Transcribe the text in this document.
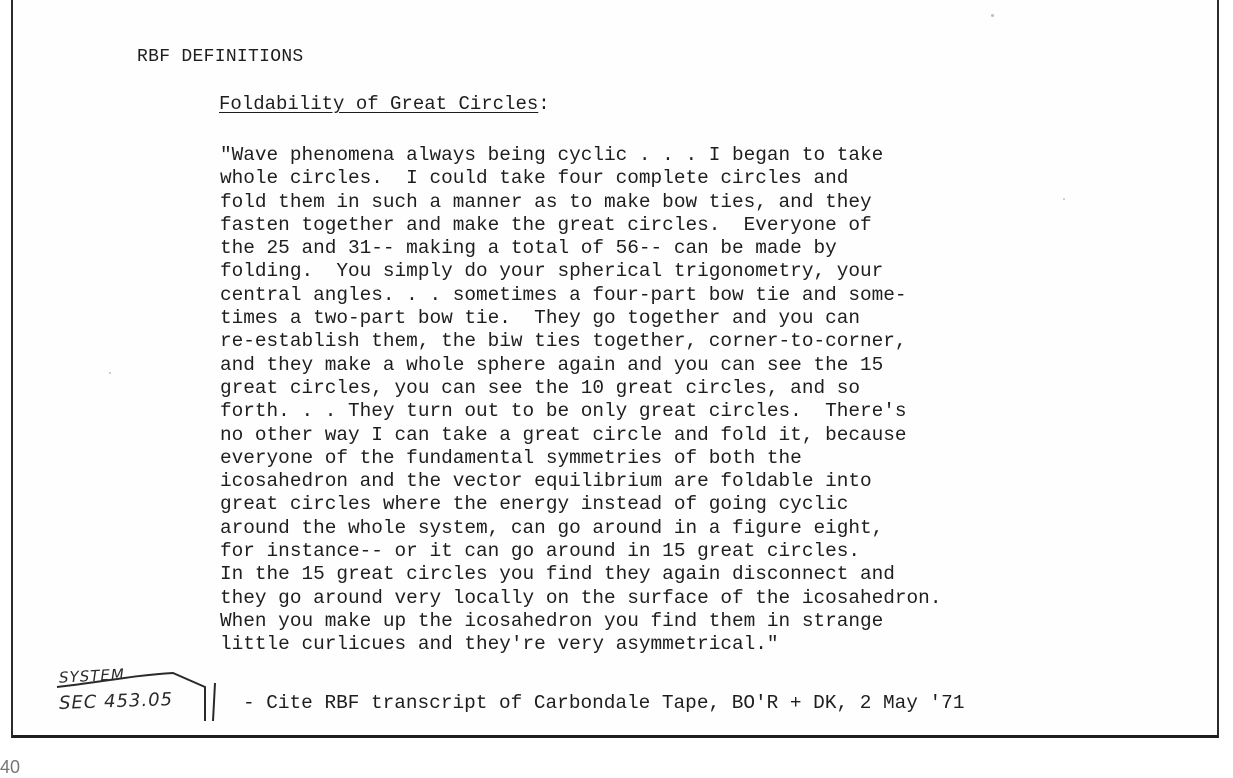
RBF DEFINITIONS
Foldability of Great Circles:
"Wave phenomena always being cyclic . . . I began to take
whole circles.  I could take four complete circles and
fold them in such a manner as to make bow ties, and they
fasten together and make the great circles.  Everyone of
the 25 and 31-- making a total of 56-- can be made by
folding.  You simply do your spherical trigonometry, your
central angles. . . sometimes a four-part bow tie and some-
times a two-part bow tie.  They go together and you can
re-establish them, the biw ties together, corner-to-corner,
and they make a whole sphere again and you can see the 15
great circles, you can see the 10 great circles, and so
forth. . . They turn out to be only great circles.  There's
no other way I can take a great circle and fold it, because
everyone of the fundamental symmetries of both the
icosahedron and the vector equilibrium are foldable into
great circles where the energy instead of going cyclic
around the whole system, can go around in a figure eight,
for instance-- or it can go around in 15 great circles.
In the 15 great circles you find they again disconnect and
they go around very locally on the surface of the icosahedron.
When you make up the icosahedron you find them in strange
little curlicues and they're very asymmetrical."
SYSTEM
SEC 453.05	- Cite RBF transcript of Carbondale Tape, BO'R + DK, 2 May '71
40
